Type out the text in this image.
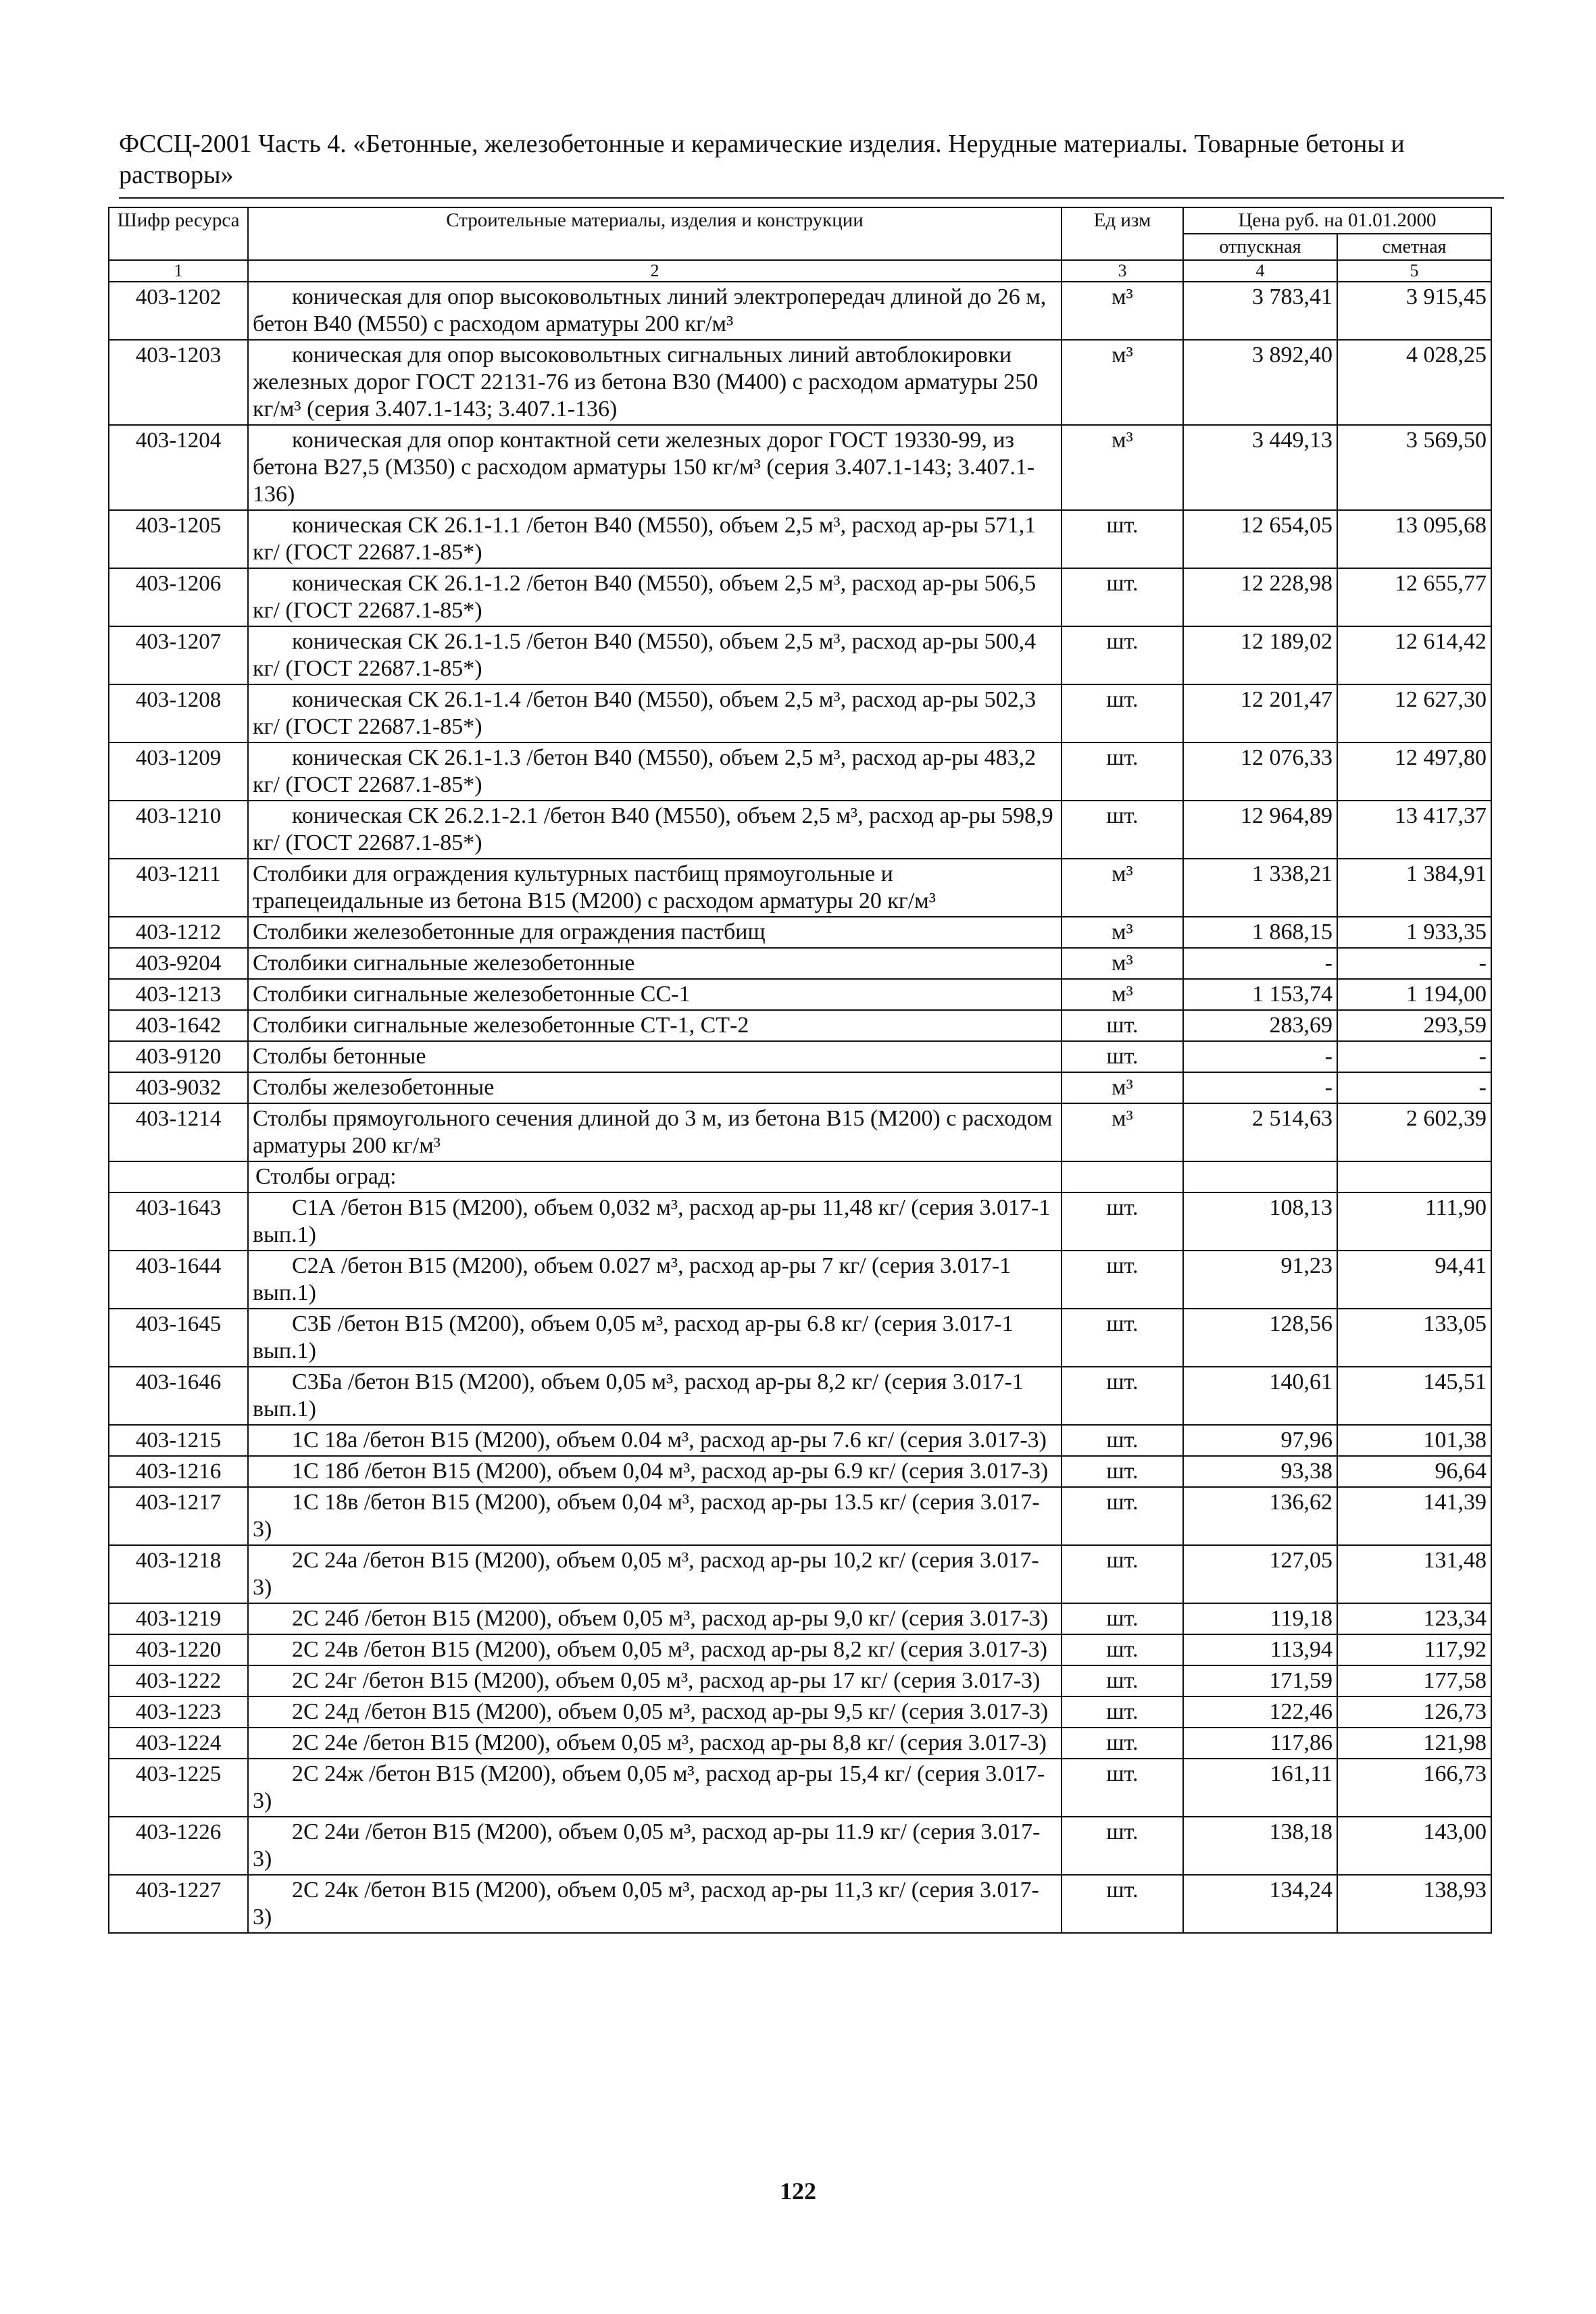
ФССЦ-2001 Часть 4. «Бетонные, железобетонные и керамические изделия. Нерудные материалы. Товарные бетоны и растворы»
Шифр ресурса	Строительные материалы, изделия и конструкции	Ед изм	Цена руб. на 01.01.2000	
			отпускная	сметная
1	2	3	4	5
403-1202	коническая для опор высоковольтных линий электропередач длиной до 26 м, бетон В40 (М550) с расходом арматуры 200 кг/м³	м³	3 783,41	3 915,45
403-1203	коническая для опор высоковольтных сигнальных линий автоблокировки железных дорог ГОСТ 22131-76 из бетона В30 (М400) с расходом арматуры 250 кг/м³ (серия 3.407.1-143; 3.407.1-136)	м³	3 892,40	4 028,25
403-1204	коническая для опор контактной сети железных дорог ГОСТ 19330-99, из бетона В27,5 (М350) с расходом арматуры 150 кг/м³ (серия 3.407.1-143; 3.407.1-136)	м³	3 449,13	3 569,50
403-1205	коническая СК 26.1-1.1 /бетон В40 (М550), объем 2,5 м³, расход ар-ры 571,1 кг/ (ГОСТ 22687.1-85*)	шт.	12 654,05	13 095,68
403-1206	коническая СК 26.1-1.2 /бетон В40 (М550), объем 2,5 м³, расход ар-ры 506,5 кг/ (ГОСТ 22687.1-85*)	шт.	12 228,98	12 655,77
403-1207	коническая СК 26.1-1.5 /бетон В40 (М550), объем 2,5 м³, расход ар-ры 500,4 кг/ (ГОСТ 22687.1-85*)	шт.	12 189,02	12 614,42
403-1208	коническая СК 26.1-1.4 /бетон В40 (М550), объем 2,5 м³, расход ар-ры 502,3 кг/ (ГОСТ 22687.1-85*)	шт.	12 201,47	12 627,30
403-1209	коническая СК 26.1-1.3 /бетон В40 (М550), объем 2,5 м³, расход ар-ры 483,2 кг/ (ГОСТ 22687.1-85*)	шт.	12 076,33	12 497,80
403-1210	коническая СК 26.2.1-2.1 /бетон В40 (М550), объем 2,5 м³, расход ар-ры 598,9 кг/ (ГОСТ 22687.1-85*)	шт.	12 964,89	13 417,37
403-1211	Столбики для ограждения культурных пастбищ прямоугольные и трапецеидальные из бетона В15 (М200) с расходом арматуры 20 кг/м³	м³	1 338,21	1 384,91
403-1212	Столбики железобетонные для ограждения пастбищ	м³	1 868,15	1 933,35
403-9204	Столбики сигнальные железобетонные	м³	-	-
403-1213	Столбики сигнальные железобетонные СС-1	м³	1 153,74	1 194,00
403-1642	Столбики сигнальные железобетонные СТ-1, СТ-2	шт.	283,69	293,59
403-9120	Столбы бетонные	шт.	-	-
403-9032	Столбы железобетонные	м³	-	-
403-1214	Столбы прямоугольного сечения длиной до 3 м, из бетона В15 (М200) с расходом арматуры 200 кг/м³	м³	2 514,63	2 602,39

	Столбы оград:			

403-1643	С1А /бетон В15 (М200), объем 0,032 м³, расход ар-ры 11,48 кг/ (серия 3.017-1 вып.1)	шт.	108,13	111,90
403-1644	С2А /бетон В15 (М200), объем 0.027 м³, расход ар-ры 7 кг/ (серия 3.017-1 вып.1)	шт.	91,23	94,41
403-1645	С3Б /бетон В15 (М200), объем 0,05 м³, расход ар-ры 6.8 кг/ (серия 3.017-1 вып.1)	шт.	128,56	133,05
403-1646	С3Ба /бетон В15 (М200), объем 0,05 м³, расход ар-ры 8,2 кг/ (серия 3.017-1 вып.1)	шт.	140,61	145,51
403-1215	1С 18а /бетон В15 (М200), объем 0.04 м³, расход ар-ры 7.6 кг/ (серия 3.017-3)	шт.	97,96	101,38
403-1216	1С 18б /бетон В15 (М200), объем 0,04 м³, расход ар-ры 6.9 кг/ (серия 3.017-3)	шт.	93,38	96,64
403-1217	1С 18в /бетон В15 (М200), объем 0,04 м³, расход ар-ры 13.5 кг/ (серия 3.017-3)	шт.	136,62	141,39
403-1218	2С 24а /бетон В15 (М200), объем 0,05 м³, расход ар-ры 10,2 кг/ (серия 3.017-3)	шт.	127,05	131,48
403-1219	2С 24б /бетон В15 (М200), объем 0,05 м³, расход ар-ры 9,0 кг/ (серия 3.017-3)	шт.	119,18	123,34
403-1220	2С 24в /бетон В15 (М200), объем 0,05 м³, расход ар-ры 8,2 кг/ (серия 3.017-3)	шт.	113,94	117,92
403-1222	2С 24г /бетон В15 (М200), объем 0,05 м³, расход ар-ры 17 кг/ (серия 3.017-3)	шт.	171,59	177,58
403-1223	2С 24д /бетон В15 (М200), объем 0,05 м³, расход ар-ры 9,5 кг/ (серия 3.017-3)	шт.	122,46	126,73
403-1224	2С 24е /бетон В15 (М200), объем 0,05 м³, расход ар-ры 8,8 кг/ (серия 3.017-3)	шт.	117,86	121,98
403-1225	2С 24ж /бетон В15 (М200), объем 0,05 м³, расход ар-ры 15,4 кг/ (серия 3.017-3)	шт.	161,11	166,73
403-1226	2С 24и /бетон В15 (М200), объем 0,05 м³, расход ар-ры 11.9 кг/ (серия 3.017-3)	шт.	138,18	143,00
403-1227	2С 24к /бетон В15 (М200), объем 0,05 м³, расход ар-ры 11,3 кг/ (серия 3.017-3)	шт.	134,24	138,93
122
